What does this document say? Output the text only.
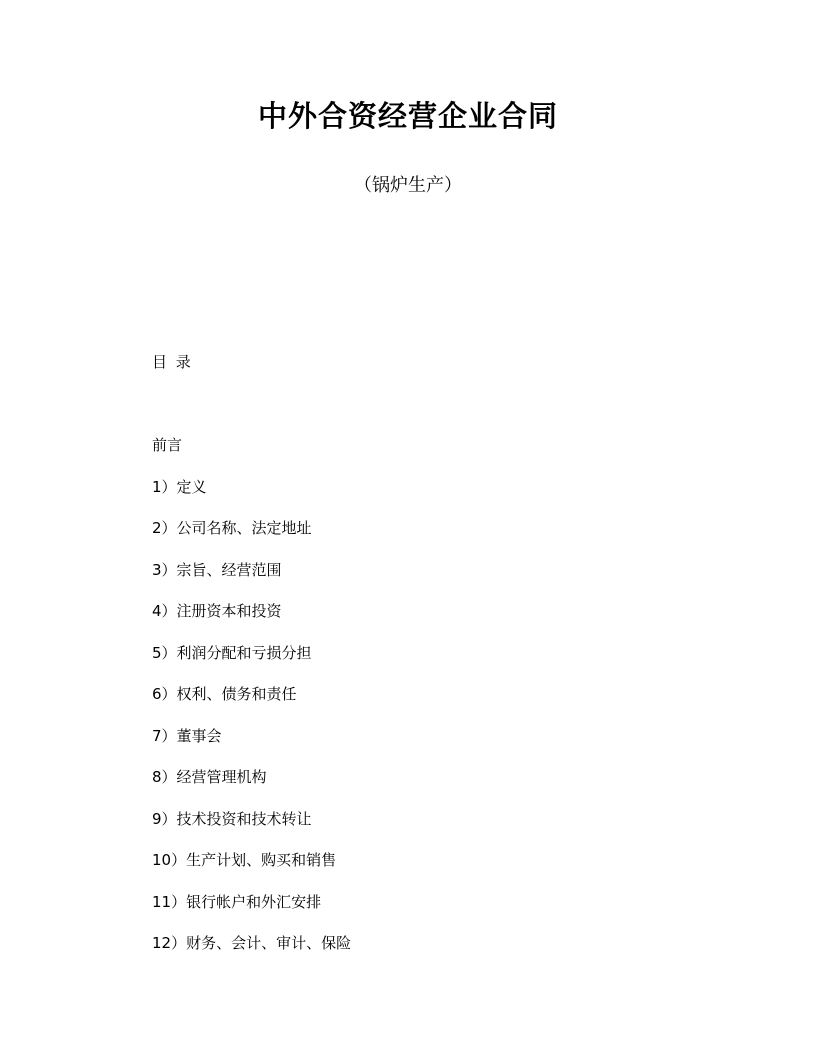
中外合资经营企业合同
（锅炉生产）
目 录
前言
1）定义
2）公司名称、法定地址
3）宗旨、经营范围
4）注册资本和投资
5）利润分配和亏损分担
6）权利、债务和责任
7）董事会
8）经营管理机构
9）技术投资和技术转让
10）生产计划、购买和销售
11）银行帐户和外汇安排
12）财务、会计、审计、保险
